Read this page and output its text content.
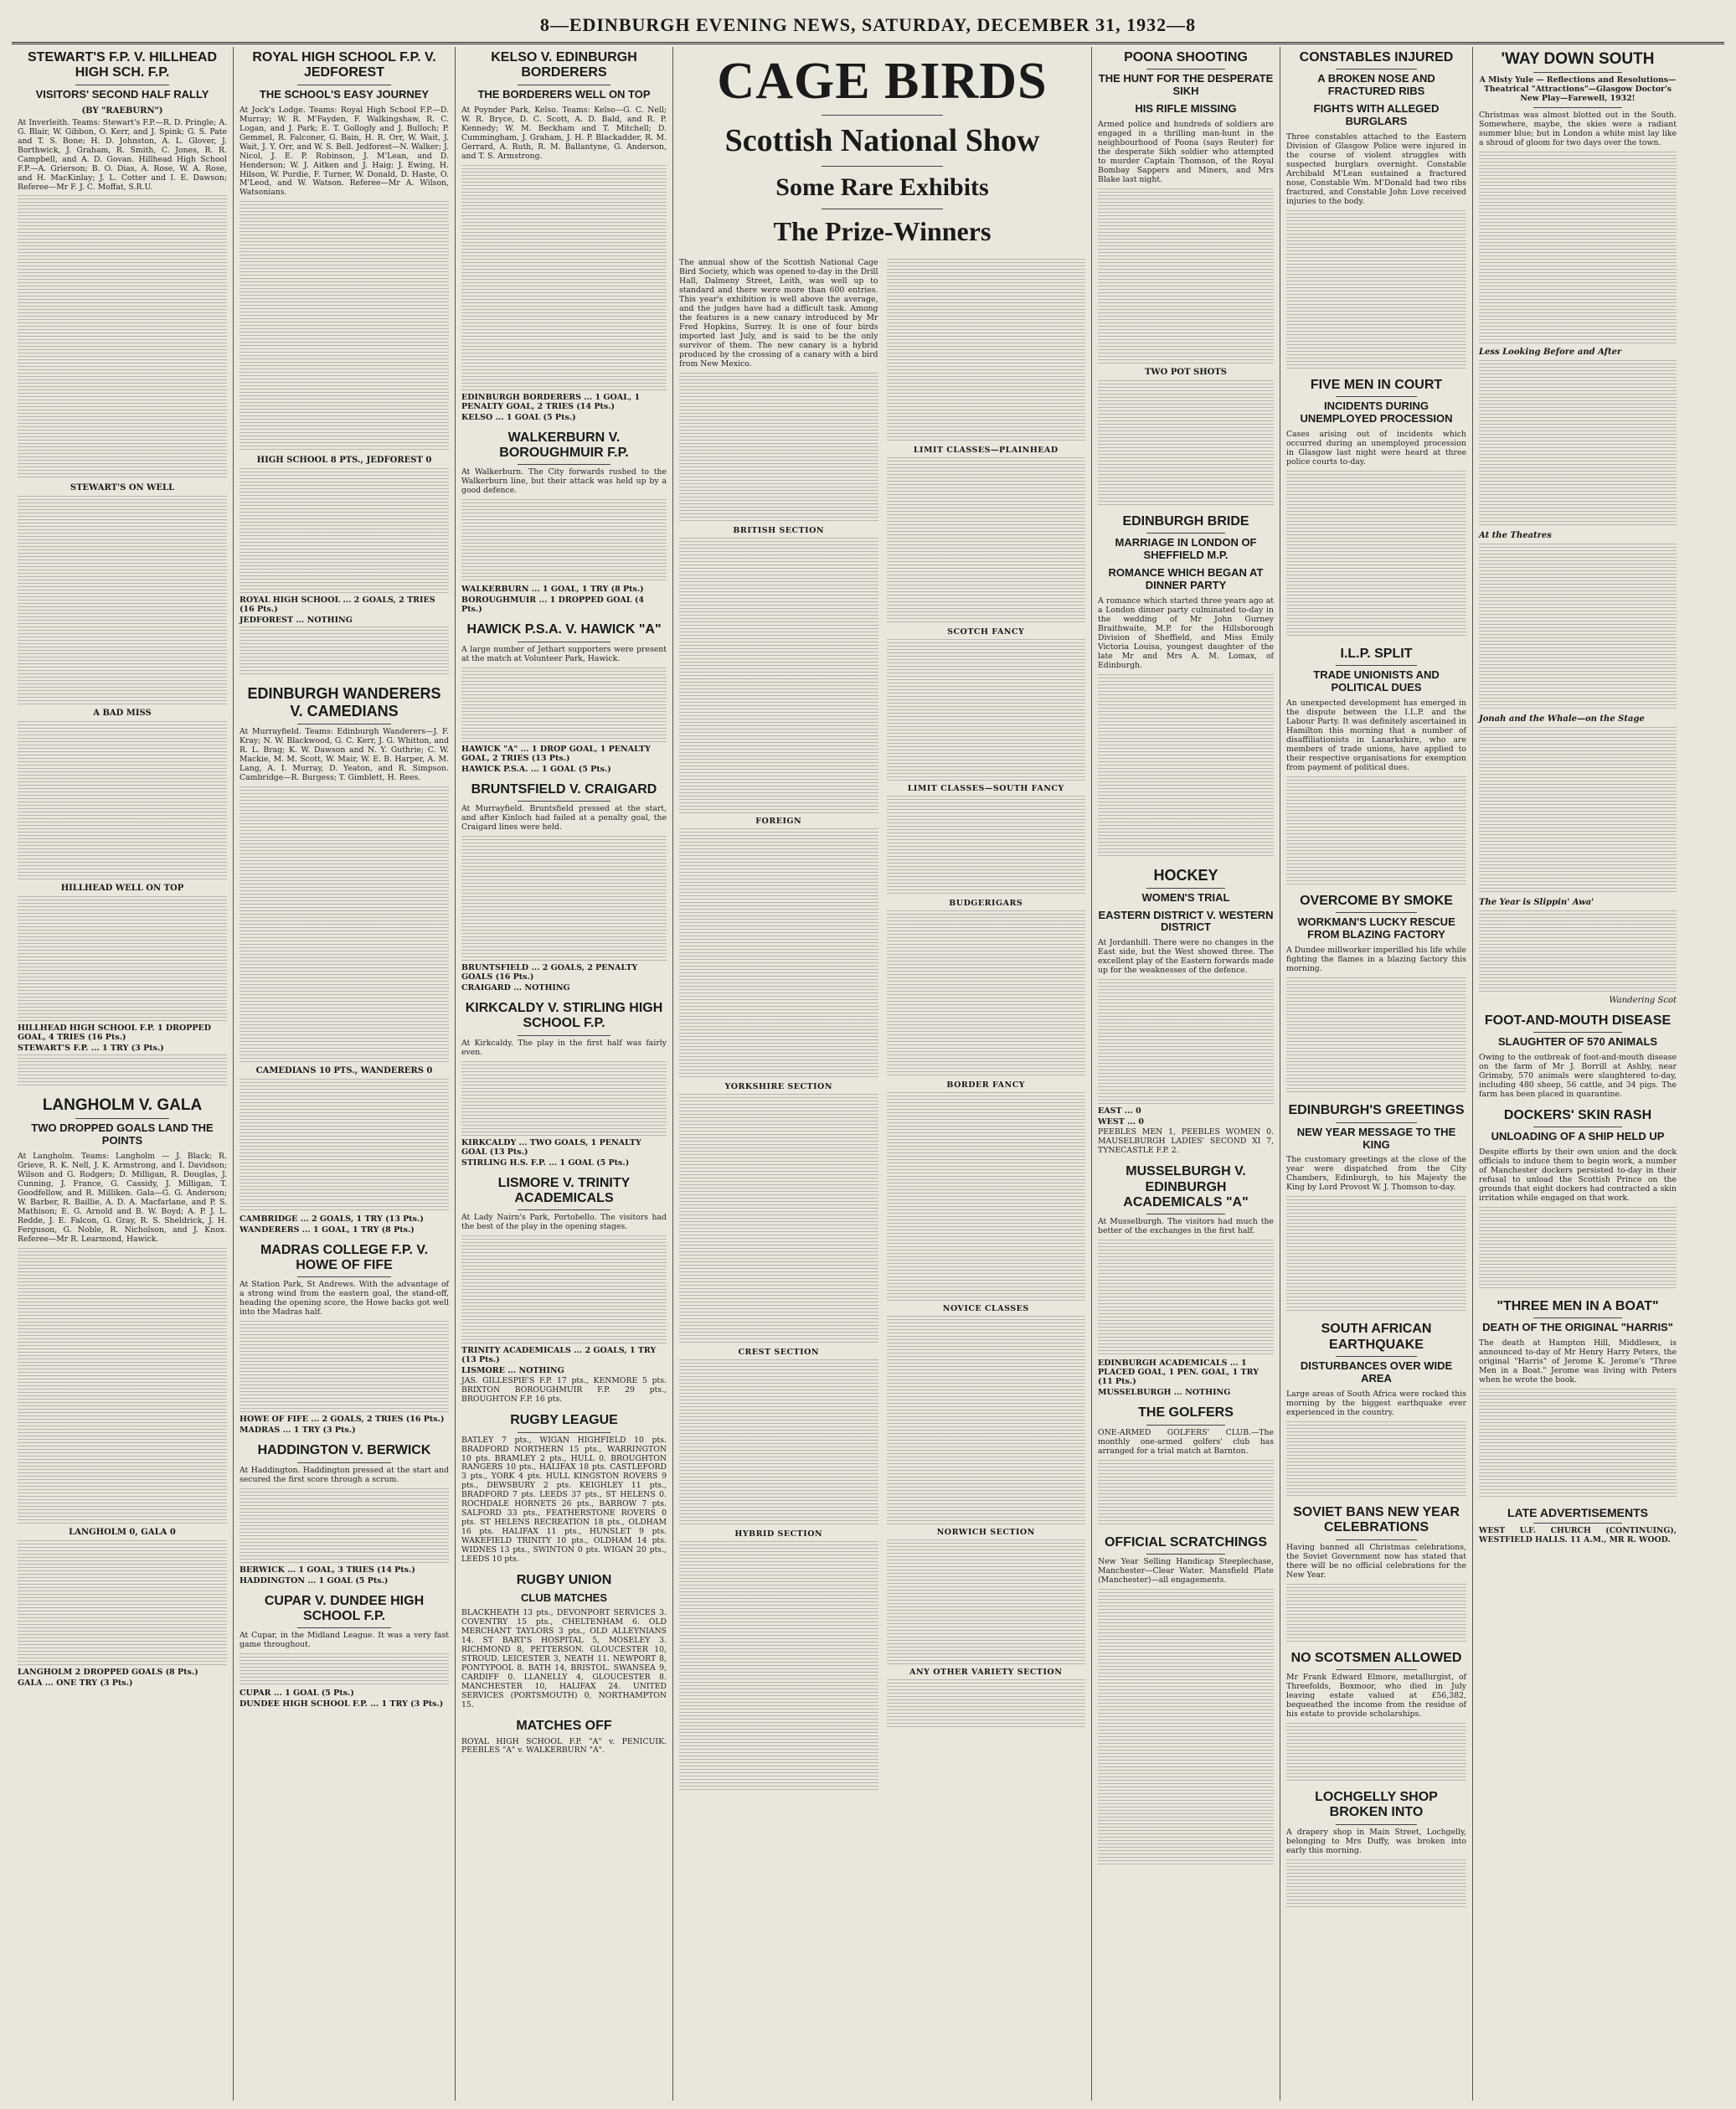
8—EDINBURGH EVENING NEWS, SATURDAY, DECEMBER 31, 1932—8
STEWART'S F.P. V. HILLHEAD HIGH SCH. F.P.
VISITORS' SECOND HALF RALLY
(BY "RAEBURN")

At Inverleith. Teams: Stewart's F.P.—R. D. Pringle; A. G. Blair, W. Gibbon, O. Kerr, and J. Spink; G. S. Pate and T. S. Bone; H. D. Johnston, A. L. Glover, J. Borthwick, J. Graham, R. Smith, C. Jones, R. R. Campbell, and A. D. Govan. Hillhead High School F.P.—A. Grierson; B. O. Dias, A. Rose, W. A. Rose, and H. MacKinlay; J. L. Cotter and I. E. Dawson; Referee—Mr F. J. C. Moffat, S.R.U.

STEWART'S ON WELL
A BAD MISS
HILLHEAD WELL ON TOP
HILLHEAD HIGH SCHOOL F.P. 1 DROPPED GOAL, 4 TRIES (16 Pts.)
STEWART'S F.P. ... 1 TRY (3 Pts.)
LANGHOLM V. GALA
TWO DROPPED GOALS LAND THE POINTS

At Langholm. Teams: Langholm — J. Black; R. Grieve, R. K. Nell, J. K. Armstrong, and I. Davidson; Wilson and G. Rodgers; D. Milligan, R. Douglas, J. Cunning, J. France, G. Cassidy, J. Milligan, T. Goodfellow, and R. Milliken. Gala—G. G. Anderson; W. Barber, R. Baillie, A. D. A. Macfarlane, and P. S. Mathison; E. G. Arnold and B. W. Boyd; A. P. J. L. Redde, J. E. Falcon, G. Gray, R. S. Sheldrick, J. H. Ferguson, G. Noble, R. Nicholson, and J. Knox. Referee—Mr R. Learmond, Hawick.

LANGHOLM 0, GALA 0
LANGHOLM 2 DROPPED GOALS (8 Pts.)
GALA ... ONE TRY (3 Pts.)
ROYAL HIGH SCHOOL F.P. V. JEDFOREST
THE SCHOOL'S EASY JOURNEY

At Jock's Lodge. Teams: Royal High School F.P.—D. Murray; W. R. M'Fayden, F. Walkingshaw, R. C. Logan, and J. Park; E. T. Gollogly and J. Bulloch; P. Gemmel, R. Falconer, G. Bain, H. R. Orr, W. Wait, J. Wait, J. Y. Orr, and W. S. Bell. Jedforest—N. Walker; J. Nicol, J. E. P. Robinson, J. M'Lean, and D. Henderson; W. J. Aitken and J. Haig; J. Ewing, H. Hilson, W. Purdie, F. Turner, W. Donald, D. Haste, O. M'Leod, and W. Watson. Referee—Mr A. Wilson, Watsonians.

HIGH SCHOOL 8 PTS., JEDFOREST 0
ROYAL HIGH SCHOOL ... 2 GOALS, 2 TRIES (16 Pts.)
JEDFOREST ... NOTHING
EDINBURGH WANDERERS V. CAMEDIANS

At Murrayfield. Teams: Edinburgh Wanderers—J. F. Kray; N. W. Blackwood, G. C. Kerr, J. G. Whitton, and R. L. Brag; K. W. Dawson and N. Y. Guthrie; C. W. Mackie, M. M. Scott, W. Mair, W. E. B. Harper, A. M. Lang, A. I. Murray, D. Yeaton, and R. Simpson. Cambridge—R. Burgess; T. Gimblett, H. Rees.

CAMEDIANS 10 PTS., WANDERERS 0
CAMBRIDGE ... 2 GOALS, 1 TRY (13 Pts.)
WANDERERS ... 1 GOAL, 1 TRY (8 Pts.)
MADRAS COLLEGE F.P. V. HOWE OF FIFE

At Station Park, St Andrews. With the advantage of a strong wind from the eastern goal, the stand-off, heading the opening score, the Howe backs got well into the Madras half.

HOWE OF FIFE ... 2 GOALS, 2 TRIES (16 Pts.)
MADRAS ... 1 TRY (3 Pts.)
HADDINGTON V. BERWICK

At Haddington. Haddington pressed at the start and secured the first score through a scrum.

BERWICK ... 1 GOAL, 3 TRIES (14 Pts.)
HADDINGTON ... 1 GOAL (5 Pts.)
CUPAR V. DUNDEE HIGH SCHOOL F.P.

At Cupar, in the Midland League. It was a very fast game throughout.

CUPAR ... 1 GOAL (5 Pts.)
DUNDEE HIGH SCHOOL F.P. ... 1 TRY (3 Pts.)
KELSO V. EDINBURGH BORDERERS
THE BORDERERS WELL ON TOP

At Poynder Park, Kelso. Teams: Kelso—G. C. Nell; W. R. Bryce, D. C. Scott, A. D. Bald, and R. P. Kennedy; W. M. Beckham and T. Mitchell; D. Cummingham, J. Graham, J. H. P. Blackadder, R. M. Gerrard, A. Ruth, R. M. Ballantyne, G. Anderson, and T. S. Armstrong.

EDINBURGH BORDERERS ... 1 GOAL, 1 PENALTY GOAL, 2 TRIES (14 Pts.)
KELSO ... 1 GOAL (5 Pts.)
WALKERBURN V. BOROUGHMUIR F.P.

At Walkerburn. The City forwards rushed to the Walkerburn line, but their attack was held up by a good defence.

WALKERBURN ... 1 GOAL, 1 TRY (8 Pts.)
BOROUGHMUIR ... 1 DROPPED GOAL (4 Pts.)
HAWICK P.S.A. V. HAWICK "A"

A large number of Jethart supporters were present at the match at Volunteer Park, Hawick.

HAWICK "A" ... 1 DROP GOAL, 1 PENALTY GOAL, 2 TRIES (13 Pts.)
HAWICK P.S.A. ... 1 GOAL (5 Pts.)
BRUNTSFIELD V. CRAIGARD

At Murrayfield. Bruntsfield pressed at the start, and after Kinloch had failed at a penalty goal, the Craigard lines were held.

BRUNTSFIELD ... 2 GOALS, 2 PENALTY GOALS (16 Pts.)
CRAIGARD ... NOTHING
KIRKCALDY V. STIRLING HIGH SCHOOL F.P.

At Kirkcaldy. The play in the first half was fairly even.

KIRKCALDY ... TWO GOALS, 1 PENALTY GOAL (13 Pts.)
STIRLING H.S. F.P. ... 1 GOAL (5 Pts.)
LISMORE V. TRINITY ACADEMICALS

At Lady Nairn's Park, Portobello. The visitors had the best of the play in the opening stages.

TRINITY ACADEMICALS ... 2 GOALS, 1 TRY (13 Pts.)
LISMORE ... NOTHING

JAS. GILLESPIE'S F.P. 17 pts., KENMORE 5 pts. BRIXTON BOROUGHMUIR F.P. 29 pts., BROUGHTON F.P. 16 pts.

RUGBY LEAGUE

BATLEY 7 pts., WIGAN HIGHFIELD 10 pts. BRADFORD NORTHERN 15 pts., WARRINGTON 10 pts. BRAMLEY 2 pts., HULL 0. BROUGHTON RANGERS 10 pts., HALIFAX 18 pts. CASTLEFORD 3 pts., YORK 4 pts. HULL KINGSTON ROVERS 9 pts., DEWSBURY 2 pts. KEIGHLEY 11 pts., BRADFORD 7 pts. LEEDS 37 pts., ST HELENS 0. ROCHDALE HORNETS 26 pts., BARROW 7 pts. SALFORD 33 pts., FEATHERSTONE ROVERS 0 pts. ST HELENS RECREATION 18 pts., OLDHAM 16 pts. HALIFAX 11 pts., HUNSLET 9 pts. WAKEFIELD TRINITY 10 pts., OLDHAM 14 pts. WIDNES 13 pts., SWINTON 0 pts. WIGAN 20 pts., LEEDS 10 pts.

RUGBY UNION
CLUB MATCHES

BLACKHEATH 13 pts., DEVONPORT SERVICES 3. COVENTRY 15 pts., CHELTENHAM 6. OLD MERCHANT TAYLORS 3 pts., OLD ALLEYNIANS 14. ST BART'S HOSPITAL 5, MOSELEY 3. RICHMOND 8, PETTERSON. GLOUCESTER 10, STROUD. LEICESTER 3, NEATH 11. NEWPORT 8, PONTYPOOL 8. BATH 14, BRISTOL. SWANSEA 9, CARDIFF 0. LLANELLY 4, GLOUCESTER 8. MANCHESTER 10, HALIFAX 24. UNITED SERVICES (PORTSMOUTH) 0, NORTHAMPTON 15.

MATCHES OFF

ROYAL HIGH SCHOOL F.P. "A" v. PENICUIK. PEEBLES "A" v. WALKERBURN "A".

CAGE BIRDS
Scottish National Show
Some Rare Exhibits
The Prize-Winners

The annual show of the Scottish National Cage Bird Society, which was opened to-day in the Drill Hall, Dalmeny Street, Leith, was well up to standard and there were more than 600 entries. This year's exhibition is well above the average, and the judges have had a difficult task. Among the features is a new canary introduced by Mr Fred Hopkins, Surrey. It is one of four birds imported last July, and is said to be the only survivor of them. The new canary is a hybrid produced by the crossing of a canary with a bird from New Mexico.

BRITISH SECTION
FOREIGN
YORKSHIRE SECTION
CREST SECTION
HYBRID SECTION
LIMIT CLASSES—PLAINHEAD
SCOTCH FANCY
LIMIT CLASSES—SOUTH FANCY
BUDGERIGARS
BORDER FANCY
NOVICE CLASSES
NORWICH SECTION
ANY OTHER VARIETY SECTION
POONA SHOOTING
THE HUNT FOR THE DESPERATE SIKH
HIS RIFLE MISSING

Armed police and hundreds of soldiers are engaged in a thrilling man-hunt in the neighbourhood of Poona (says Reuter) for the desperate Sikh soldier who attempted to murder Captain Thomson, of the Royal Bombay Sappers and Miners, and Mrs Blake last night.

TWO POT SHOTS
EDINBURGH BRIDE
MARRIAGE IN LONDON OF SHEFFIELD M.P.
ROMANCE WHICH BEGAN AT DINNER PARTY

A romance which started three years ago at a London dinner party culminated to-day in the wedding of Mr John Gurney Braithwaite, M.P. for the Hillsborough Division of Sheffield, and Miss Emily Victoria Louisa, youngest daughter of the late Mr and Mrs A. M. Lomax, of Edinburgh.

HOCKEY
WOMEN'S TRIAL
EASTERN DISTRICT V. WESTERN DISTRICT

At Jordanhill. There were no changes in the East side, but the West showed three. The excellent play of the Eastern forwards made up for the weaknesses of the defence.

EAST ... 0
WEST ... 0

PEEBLES MEN 1, PEEBLES WOMEN 0. MAUSELBURGH LADIES' SECOND XI 7, TYNECASTLE F.P. 2.

MUSSELBURGH V. EDINBURGH ACADEMICALS "A"

At Musselburgh. The visitors had much the better of the exchanges in the first half.

EDINBURGH ACADEMICALS ... 1 PLACED GOAL, 1 PEN. GOAL, 1 TRY (11 Pts.)
MUSSELBURGH ... NOTHING
THE GOLFERS

ONE-ARMED GOLFERS' CLUB.—The monthly one-armed golfers' club has arranged for a trial match at Barnton.

OFFICIAL SCRATCHINGS

New Year Selling Handicap Steeplechase, Manchester—Clear Water. Mansfield Plate (Manchester)—all engagements.

CONSTABLES INJURED
A BROKEN NOSE AND FRACTURED RIBS
FIGHTS WITH ALLEGED BURGLARS

Three constables attached to the Eastern Division of Glasgow Police were injured in the course of violent struggles with suspected burglars overnight. Constable Archibald M'Lean sustained a fractured nose, Constable Wm. M'Donald had two ribs fractured, and Constable John Love received injuries to the body.

FIVE MEN IN COURT
INCIDENTS DURING UNEMPLOYED PROCESSION

Cases arising out of incidents which occurred during an unemployed procession in Glasgow last night were heard at three police courts to-day.

I.L.P. SPLIT
TRADE UNIONISTS AND POLITICAL DUES

An unexpected development has emerged in the dispute between the I.L.P. and the Labour Party. It was definitely ascertained in Hamilton this morning that a number of disaffiliationists in Lanarkshire, who are members of trade unions, have applied to their respective organisations for exemption from payment of political dues.

OVERCOME BY SMOKE
WORKMAN'S LUCKY RESCUE FROM BLAZING FACTORY

A Dundee millworker imperilled his life while fighting the flames in a blazing factory this morning.

EDINBURGH'S GREETINGS
NEW YEAR MESSAGE TO THE KING

The customary greetings at the close of the year were dispatched from the City Chambers, Edinburgh, to his Majesty the King by Lord Provost W. J. Thomson to-day.

SOUTH AFRICAN EARTHQUAKE
DISTURBANCES OVER WIDE AREA

Large areas of South Africa were rocked this morning by the biggest earthquake ever experienced in the country.

SOVIET BANS NEW YEAR CELEBRATIONS

Having banned all Christmas celebrations, the Soviet Government now has stated that there will be no official celebrations for the New Year.

NO SCOTSMEN ALLOWED

Mr Frank Edward Elmore, metallurgist, of Threefolds, Boxmoor, who died in July leaving estate valued at £56,382, bequeathed the income from the residue of his estate to provide scholarships.

LOCHGELLY SHOP BROKEN INTO

A drapery shop in Main Street, Lochgelly, belonging to Mrs Duffy, was broken into early this morning.

'WAY DOWN SOUTH

A Misty Yule — Reflections and Resolutions—Theatrical "Attractions"—Glasgow Doctor's New Play—Farewell, 1932!

Christmas was almost blotted out in the South. Somewhere, maybe, the skies were a radiant summer blue; but in London a white mist lay like a shroud of gloom for two days over the town.

Less Looking Before and After
At the Theatres
Jonah and the Whale—on the Stage
The Year is Slippin' Awa'
Wandering Scot
FOOT-AND-MOUTH DISEASE
SLAUGHTER OF 570 ANIMALS

Owing to the outbreak of foot-and-mouth disease on the farm of Mr J. Borrill at Ashby, near Grimsby, 570 animals were slaughtered to-day, including 480 sheep, 56 cattle, and 34 pigs. The farm has been placed in quarantine.

DOCKERS' SKIN RASH
UNLOADING OF A SHIP HELD UP

Despite efforts by their own union and the dock officials to induce them to begin work, a number of Manchester dockers persisted to-day in their refusal to unload the Scottish Prince on the grounds that eight dockers had contracted a skin irritation while engaged on that work.

"THREE MEN IN A BOAT"
DEATH OF THE ORIGINAL "HARRIS"

The death at Hampton Hill, Middlesex, is announced to-day of Mr Henry Harry Peters, the original "Harris" of Jerome K. Jerome's "Three Men in a Boat." Jerome was living with Peters when he wrote the book.

LATE ADVERTISEMENTS

WEST U.F. CHURCH (CONTINUING), WESTFIELD HALLS. 11 A.M., MR R. WOOD.
